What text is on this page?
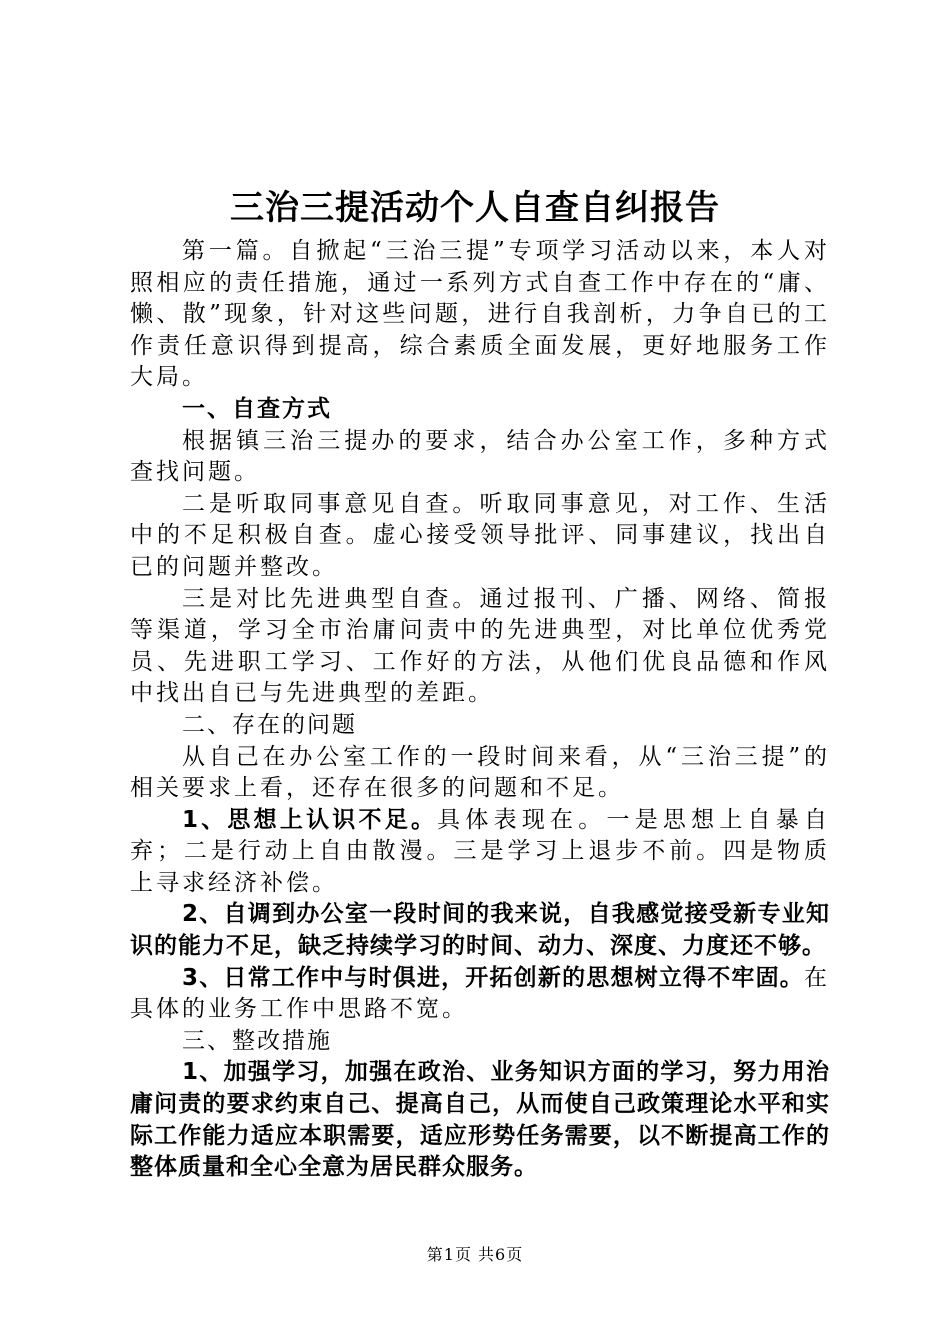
三治三提活动个人自查自纠报告

第一篇。自掀起“三治三提”专项学习活动以来，本人对照相应的责任措施，通过一系列方式自查工作中存在的“庸、懒、散”现象，针对这些问题，进行自我剖析，力争自已的工作责任意识得到提高，综合素质全面发展，更好地服务工作大局。

一、自查方式

根据镇三治三提办的要求，结合办公室工作，多种方式查找问题。

二是听取同事意见自查。听取同事意见，对工作、生活中的不足积极自查。虚心接受领导批评、同事建议，找出自已的问题并整改。

三是对比先进典型自查。通过报刊、广播、网络、简报等渠道，学习全市治庸问责中的先进典型，对比单位优秀党员、先进职工学习、工作好的方法，从他们优良品德和作风中找出自已与先进典型的差距。

二、存在的问题

从自己在办公室工作的一段时间来看，从“三治三提”的相关要求上看，还存在很多的问题和不足。

1、思想上认识不足。具体表现在。一是思想上自暴自弃；二是行动上自由散漫。三是学习上退步不前。四是物质上寻求经济补偿。

2、自调到办公室一段时间的我来说，自我感觉接受新专业知识的能力不足，缺乏持续学习的时间、动力、深度、力度还不够。

3、日常工作中与时俱进，开拓创新的思想树立得不牢固。在具体的业务工作中思路不宽。

三、整改措施

1、加强学习，加强在政治、业务知识方面的学习，努力用治庸问责的要求约束自己、提高自己，从而使自己政策理论水平和实际工作能力适应本职需要，适应形势任务需要，以不断提高工作的整体质量和全心全意为居民群众服务。

第1页 共6页
